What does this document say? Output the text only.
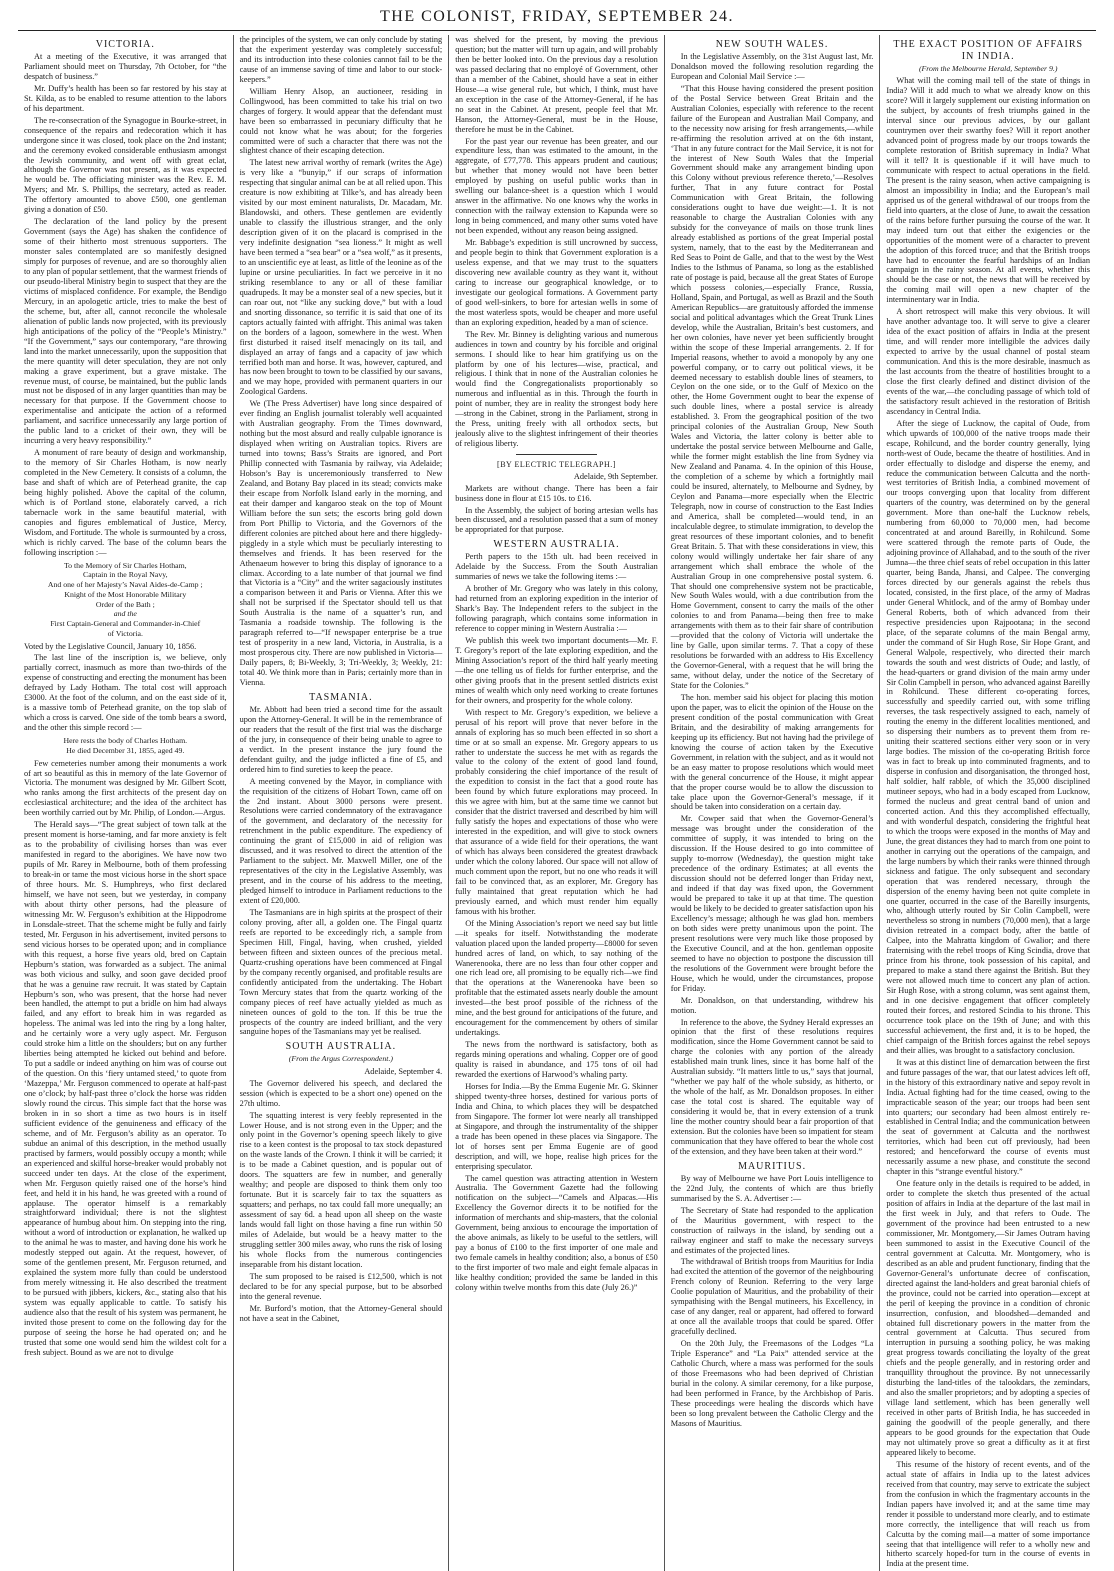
THE COLONIST, FRIDAY, SEPTEMBER 24.
VICTORIA.

At a meeting of the Executive, it was arranged that Parliament should meet on Thursday, 7th October, for “the despatch of business.”

Mr. Duffy’s health has been so far restored by his stay at St. Kilda, as to be enabled to resume attention to the labors of his department.

The re-consecration of the Synagogue in Bourke-street, in consequence of the repairs and redecoration which it has undergone since it was closed, took place on the 2nd instant; and the ceremony evoked considerable enthusiasm amongst the Jewish community, and went off with great eclat, although the Governor was not present, as it was expected he would be. The officiating minister was the Rev. E. M. Myers; and Mr. S. Phillips, the secretary, acted as reader. The offertory amounted to above £500, one gentleman giving a donation of £50.

The declaration of the land policy by the present Government (says the Age) has shaken the confidence of some of their hitherto most strenuous supporters. The monster sales contemplated are so manifestly designed simply for purposes of revenue, and are so thoroughly alien to any plan of popular settlement, that the warmest friends of our pseudo-liberal Ministry begin to suspect that they are the victims of misplaced confidence. For example, the Bendigo Mercury, in an apologetic article, tries to make the best of the scheme, but, after all, cannot reconcile the wholesale alienation of public lands now projected, with its previously high anticipations of the policy of the “People’s Ministry.” “If the Government,” says our contemporary, “are throwing land into the market unnecessarily, upon the supposition that the mere quantity will deter speculation, they are not only making a grave experiment, but a grave mistake. The revenue must, of course, be maintained, but the public lands must not be disposed of in any larger quantities than may be necessary for that purpose. If the Government choose to experimentalise and anticipate the action of a reformed parliament, and sacrifice unnecessarily any large portion of the public land to a cricket of their own, they will be incurring a very heavy responsibility.”

A monument of rare beauty of design and workmanship, to the memory of Sir Charles Hotham, is now nearly completed in the New Cemetery. It consists of a column, the base and shaft of which are of Peterhead granite, the cap being highly polished. Above the capital of the column, which is of Portland stone, elaborately carved, a rich tabernacle work in the same beautiful material, with canopies and figures emblematical of Justice, Mercy, Wisdom, and Fortitude. The whole is surmounted by a cross, which is richly carved. The base of the column bears the following inscription :—

To the Memory of Sir Charles Hotham,
Captain in the Royal Navy,
And one of her Majesty’s Naval Aides-de-Camp ;
Knight of the Most Honorable Military
Order of the Bath ;
and the
First Captain-General and Commander-in-Chief
of Victoria.

Voted by the Legislative Council, January 10, 1856.

The last line of the inscription is, we believe, only partially correct, inasmuch as more than two-thirds of the expense of constructing and erecting the monument has been defrayed by Lady Hotham. The total cost will approach £3000. At the foot of the column, and on the east side of it, is a massive tomb of Peterhead granite, on the top slab of which a cross is carved. One side of the tomb bears a sword, and the other this simple record :—

Here rests the body of Charles Hotham.
He died December 31, 1855, aged 49.

Few cemeteries number among their monuments a work of art so beautiful as this in memory of the late Governor of Victoria. The monument was designed by Mr. Gilbert Scott, who ranks among the first architects of the present day on ecclesiastical architecture; and the idea of the architect has been worthily carried out by Mr. Philip, of London.—Argus.

The Herald says—“The great subject of town talk at the present moment is horse-taming, and far more anxiety is felt as to the probability of civilising horses than was ever manifested in regard to the aborigines. We have now two pupils of Mr. Rarey in Melbourne, both of them professing to break-in or tame the most vicious horse in the short space of three hours. Mr. S. Humphreys, who first declared himself, we have not seen, but we yesterday, in company with about thirty other persons, had the pleasure of witnessing Mr. W. Ferguson’s exhibition at the Hippodrome in Lonsdale-street. That the scheme might be fully and fairly tested, Mr. Ferguson in his advertisement, invited persons to send vicious horses to be operated upon; and in compliance with this request, a horse five years old, bred on Captain Hepburn’s station, was forwarded as a subject. The animal was both vicious and sulky, and soon gave decided proof that he was a genuine raw recruit. It was stated by Captain Hepburn’s son, who was present, that the horse had never been handled, the attempt to put a bridle on him had always failed, and any effort to break him in was regarded as hopeless. The animal was led into the ring by a long halter, and he certainly wore a very ugly aspect. Mr. Ferguson could stroke him a little on the shoulders; but on any further liberties being attempted he kicked out behind and before. To put a saddle or indeed anything on him was of course out of the question. On this ‘fiery untamed steed,’ to quote from ‘Mazeppa,’ Mr. Ferguson commenced to operate at half-past one o’clock; by half-past three o’clock the horse was ridden slowly round the circus. This simple fact that the horse was broken in in so short a time as two hours is in itself sufficient evidence of the genuineness and efficacy of the scheme, and of Mr. Ferguson’s ability as an operator. To subdue an animal of this description, in the method usually practised by farmers, would possibly occupy a month; while an experienced and skilful horse-breaker would probably not succeed under ten days. At the close of the experiment, when Mr. Ferguson quietly raised one of the horse’s hind feet, and held it in his hand, he was greeted with a round of applause. The operator himself is a remarkably straightforward individual; there is not the slightest appearance of humbug about him. On stepping into the ring, without a word of introduction or explanation, he walked up to the animal he was to master, and having done his work he modestly stepped out again. At the request, however, of some of the gentlemen present, Mr. Ferguson returned, and explained the system more fully than could be understood from merely witnessing it. He also described the treatment to be pursued with jibbers, kickers, &c., stating also that his system was equally applicable to cattle. To satisfy his audience also that the result of his system was permanent, he invited those present to come on the following day for the purpose of seeing the horse he had operated on; and he trusted that some one would send him the wildest colt for a fresh subject. Bound as we are not to divulge

the principles of the system, we can only conclude by stating that the experiment yesterday was completely successful; and its introduction into these colonies cannot fail to be the cause of an immense saving of time and labor to our stock-keepers.”

William Henry Alsop, an auctioneer, residing in Collingwood, has been committed to take his trial on two charges of forgery. It would appear that the defendant must have been so embarrassed in pecuniary difficulty that he could not know what he was about; for the forgeries committed were of such a character that there was not the slightest chance of their escaping detection.

The latest new arrival worthy of remark (writes the Age) is very like a “bunyip,” if our scraps of information respecting that singular animal can be at all relied upon. This creature is now exhibiting at Tilke’s, and has already been visited by our most eminent naturalists, Dr. Macadam, Mr. Blandowski, and others. These gentlemen are evidently unable to classify the illustrious stranger, and the only description given of it on the placard is comprised in the very indefinite designation “sea lioness.” It might as well have been termed a “sea bear” or a “sea wolf,” as it presents, to an unscientific eye at least, as little of the leonine as of the lupine or ursine peculiarities. In fact we perceive in it no striking resemblance to any or all of these familiar quadrupeds. It may be a monster seal of a new species, but it can roar out, not “like any sucking dove,” but with a loud and snorting dissonance, so terrific it is said that one of its captors actually fainted with affright. This animal was taken on the borders of a lagoon, somewhere in the west. When first disturbed it raised itself menacingly on its tail, and displayed an array of fangs and a capacity of jaw which terrified both man and horse. It was, however, captured, and has now been brought to town to be classified by our savans, and we may hope, provided with permanent quarters in our Zoological Gardens.

We (The Press Advertiser) have long since despaired of ever finding an English journalist tolerably well acquainted with Australian geography. From the Times downward, nothing but the most absurd and really culpable ignorance is displayed when writing on Australian topics. Rivers are turned into towns; Bass’s Straits are ignored, and Port Phillip connected with Tasmania by railway, via Adelaide; Hobson’s Bay is unceremoniously transferred to New Zealand, and Botany Bay placed in its stead; convicts make their escape from Norfolk Island early in the morning, and eat their damper and kangaroo steak on the top of Mount William before the sun sets; the escorts bring gold down from Port Phillip to Victoria, and the Governors of the different colonies are pitched about here and there higgledy-piggledy in a style which must be peculiarly interesting to themselves and friends. It has been reserved for the Athenaeum however to bring this display of ignorance to a climax. According to a late number of that journal we find that Victoria is a “City” and the writer sagaciously institutes a comparison between it and Paris or Vienna. After this we shall not be surprised if the Spectator should tell us that South Australia is the name of a squatter’s run, and Tasmania a roadside township. The following is the paragraph referred to—“If newspaper enterprise be a true test of prosperity in a new land, Victoria, in Australia, is a most prosperous city. There are now published in Victoria—Daily papers, 8; Bi-Weekly, 3; Tri-Weekly, 3; Weekly, 21: total 40. We think more than in Paris; certainly more than in Vienna.

TASMANIA.

Mr. Abbott had been tried a second time for the assault upon the Attorney-General. It will be in the remembrance of our readers that the result of the first trial was the discharge of the jury, in consequence of their being unable to agree to a verdict. In the present instance the jury found the defendant guilty, and the judge inflicted a fine of £5, and ordered him to find sureties to keep the peace.

A meeting convened by the Mayor, in compliance with the requisition of the citizens of Hobart Town, came off on the 2nd instant. About 3000 persons were present. Resolutions were carried condemnatory of the extravagance of the government, and declaratory of the necessity for retrenchment in the public expenditure. The expediency of continuing the grant of £15,000 in aid of religion was discussed, and it was resolved to direct the attention of the Parliament to the subject. Mr. Maxwell Miller, one of the representatives of the city in the Legislative Assembly, was present, and in the course of his address to the meeting, pledged himself to introduce in Parliament reductions to the extent of £20,000.

The Tasmanians are in high spirits at the prospect of their colony proving, after all, a golden one. The Fingal quartz reefs are reported to be exceedingly rich, a sample from Specimen Hill, Fingal, having, when crushed, yielded between fifteen and sixteen ounces of the precious metal. Quartz-crushing operations have been commenced at Fingal by the company recently organised, and profitable results are confidently anticipated from the undertaking. The Hobart Town Mercury states that from the quartz working of the company pieces of reef have actually yielded as much as nineteen ounces of gold to the ton. If this be true the prospects of the country are indeed brilliant, and the very sanguine hopes of the Tasmanians may yet be realised.

SOUTH AUSTRALIA.
(From the Argus Correspondent.)
Adelaide, September 4.

The Governor delivered his speech, and declared the session (which is expected to be a short one) opened on the 27th ultimo.

The squatting interest is very feebly represented in the Lower House, and is not strong even in the Upper; and the only point in the Governor’s opening speech likely to give rise to a keen contest is the proposal to tax stock depastured on the waste lands of the Crown. I think it will be carried; it is to be made a Cabinet question, and is popular out of doors. The squatters are few in number, and generally wealthy; and people are disposed to think them only too fortunate. But it is scarcely fair to tax the squatters as squatters; and perhaps, no tax could fall more unequally; an assessment of say 6d. a head upon all sheep on the waste lands would fall light on those having a fine run within 50 miles of Adelaide, but would be a heavy matter to the struggling settler 300 miles away, who runs the risk of losing his whole flocks from the numerous contingencies inseparable from his distant location.

The sum proposed to be raised is £12,500, which is not declared to be for any special purpose, but to be absorbed into the general revenue.

Mr. Burford’s motion, that the Attorney-General should not have a seat in the Cabinet,

was shelved for the present, by moving the previous question; but the matter will turn up again, and will probably then be better looked into. On the previous day a resolution was passed declaring that no employé of Government, other than a member of the Cabinet, should have a seat in either House—a wise general rule, but which, I think, must have an exception in the case of the Attorney-General, if he has no seat in the Cabinet. At present, people feel that Mr. Hanson, the Attorney-General, must be in the House, therefore he must be in the Cabinet.

For the past year our revenue has been greater, and our expenditure less, than was estimated to the amount, in the aggregate, of £77,778. This appears prudent and cautious; but whether that money would not have been better employed by pushing on useful public works than in swelling our balance-sheet is a question which I would answer in the affirmative. No one knows why the works in connection with the railway extension to Kapunda were so long in being commenced, and many other sums voted have not been expended, without any reason being assigned.

Mr. Babbage’s expedition is still uncrowned by success, and people begin to think that Government exploration is a useless expense, and that we may trust to the squatters discovering new available country as they want it, without caring to increase our geographical knowledge, or to investigate our geological formations. A Government party of good well-sinkers, to bore for artesian wells in some of the most waterless spots, would be cheaper and more useful than an exploring expedition, headed by a man of science.

The Rev. Mr. Binney is delighting various and numerous audiences in town and country by his forcible and original sermons. I should like to hear him gratifying us on the platform by one of his lectures—wise, practical, and religious. I think that in none of the Australian colonies he would find the Congregationalists proportionably so numerous and influential as in this. Through the fourth in point of number, they are in reality the strongest body here—strong in the Cabinet, strong in the Parliament, strong in the Press, uniting freely with all orthodox sects, but jealously alive to the slightest infringement of their theories of religious liberty.

[BY ELECTRIC TELEGRAPH.]
Adelaide, 9th September.

Markets are without change. There has been a fair business done in flour at £15 10s. to £16.

In the Assembly, the subject of boring artesian wells has been discussed, and a resolution passed that a sum of money be appropriated for that purpose.

WESTERN AUSTRALIA.

Perth papers to the 15th ult. had been received in Adelaide by the Success. From the South Australian summaries of news we take the following items :—

A brother of Mr. Gregory who was lately in this colony, had returned from an exploring expedition in the interior of Shark’s Bay. The Independent refers to the subject in the following paragraph, which contains some information in reference to copper mining in Western Australia :—

We publish this week two important documents—Mr. F. T. Gregory’s report of the late exploring expedition, and the Mining Association’s report of the third half yearly meeting—the one telling us of fields for further enterprise, and the other giving proofs that in the present settled districts exist mines of wealth which only need working to create fortunes for their owners, and prosperity for the whole colony.

With respect to Mr. Gregory’s expedition, we believe a perusal of his report will prove that never before in the annals of exploring has so much been effected in so short a time or at so small an expense. Mr. Gregory appears to us rather to understate the success he met with as regards the value to the colony of the extent of good land found, probably considering the chief importance of the result of the expedition to consist in the fact that a good route has been found by which future explorations may proceed. In this we agree with him, but at the same time we cannot but consider that the district traversed and described by him will fully satisfy the hopes and expectations of those who were interested in the expedition, and will give to stock owners that assurance of a wide field for their operations, the want of which has always been considered the greatest drawback under which the colony labored. Our space will not allow of much comment upon the report, but no one who reads it will fail to be convinced that, as an explorer, Mr. Gregory has fully maintained that great reputation which he had previously earned, and which must render him equally famous with his brother.

Of the Mining Association’s report we need say but little—it speaks for itself. Notwithstanding the moderate valuation placed upon the landed property—£8000 for seven hundred acres of land, on which, to say nothing of the Wanerenooka, there are no less than four other copper and one rich lead ore, all promising to be equally rich—we find that the operations at the Wanerenooka have been so profitable that the estimated assets nearly double the amount invested—the best proof possible of the richness of the mine, and the best ground for anticipations of the future, and encouragement for the commencement by others of similar undertakings.

The news from the northward is satisfactory, both as regards mining operations and whaling. Copper ore of good quality is raised in abundance, and 175 tons of oil had rewarded the exertions of Harwood’s whaling party.

Horses for India.—By the Emma Eugenie Mr. G. Skinner shipped twenty-three horses, destined for various ports of India and China, to which places they will be despatched from Singapore. The former lot were nearly all transhipped at Singapore, and through the instrumentality of the shipper a trade has been opened in these places via Singapore. The lot of horses sent per Emma Eugenie are of good description, and will, we hope, realise high prices for the enterprising speculator.

The camel question was attracting attention in Western Australia. The Government Gazette had the following notification on the subject—“Camels and Alpacas.—His Excellency the Governor directs it to be notified for the information of merchants and ship-masters, that the colonial Government, being anxious to encourage the importation of the above animals, as likely to be useful to the settlers, will pay a bonus of £100 to the first importer of one male and two female camels in healthy condition; also, a bonus of £50 to the first importer of two male and eight female alpacas in like healthy condition; provided the same be landed in this colony within twelve months from this date (July 26.)”

NEW SOUTH WALES.

In the Legislative Assembly, on the 31st August last, Mr. Donaldson moved the following resolution regarding the European and Colonial Mail Service :—

“That this House having considered the present position of the Postal Service between Great Britain and the Australian Colonies, especially with reference to the recent failure of the European and Australian Mail Company, and to the necessity now arising for fresh arrangements,—while re-affirming the resolution arrived at on the 6th instant, ‘That in any future contract for the Mail Service, it is not for the interest of New South Wales that the Imperial Government should make any arrangement binding upon this Colony without previous reference thereto,’—Resolves further, That in any future contract for Postal Communication with Great Britain, the following considerations ought to have due weight:—1. It is not reasonable to charge the Australian Colonies with any subsidy for the conveyance of mails on those trunk lines already established as portions of the great Imperial postal system, namely, that to the east by the Mediterranean and Red Seas to Point de Galle, and that to the west by the West Indies to the Isthmus of Panama, so long as the established rate of postage is paid, because all the great States of Europe which possess colonies,—especially France, Russia, Holland, Spain, and Portugal, as well as Brazil and the South American Republics—are gratuitously afforded the immense social and political advantages which the Great Trunk Lines develop, while the Australian, Britain’s best customers, and her own colonies, have never yet been sufficiently brought within the scope of these Imperial arrangements. 2. If for Imperial reasons, whether to avoid a monopoly by any one powerful company, or to carry out political views, it be deemed necessary to establish double lines of steamers, to Ceylon on the one side, or to the Gulf of Mexico on the other, the Home Government ought to bear the expense of such double lines, where a postal service is already established. 3. From the geographical position of the two principal colonies of the Australian Group, New South Wales and Victoria, the latter colony is better able to undertake the postal service between Melbourne and Galle, while the former might establish the line from Sydney via New Zealand and Panama. 4. In the opinion of this House, the completion of a scheme by which a fortnightly mail could be insured, alternately, to Melbourne and Sydney, by Ceylon and Panama—more especially when the Electric Telegraph, now in course of construction to the East Indies and America, shall be completed—would tend, in an incalculable degree, to stimulate immigration, to develop the great resources of these important colonies, and to benefit Great Britain. 5. That with these considerations in view, this colony would willingly undertake her fair share of any arrangement which shall embrace the whole of the Australian Group in one comprehensive postal system. 6. That should one comprehensive system not be practicable, New South Wales would, with a due contribution from the Home Government, consent to carry the mails of the other colonies to and from Panama—being then free to make arrangements with them as to their fair share of contribution—provided that the colony of Victoria will undertake the line by Galle, upon similar terms. 7. That a copy of these resolutions be forwarded with an address to His Excellency the Governor-General, with a request that he will bring the same, without delay, under the notice of the Secretary of State for the Colonies.”

The hon. member said his object for placing this motion upon the paper, was to elicit the opinion of the House on the present condition of the postal communication with Great Britain, and the desirability of making arrangements for keeping up its efficiency. But not having had the privilege of knowing the course of action taken by the Executive Government, in relation with the subject, and as it would not be an easy matter to propose resolutions which would meet with the general concurrence of the House, it might appear that the proper course would be to allow the discussion to take place upon the Governor-General’s message, if it should be taken into consideration on a certain day.

Mr. Cowper said that when the Governor-General’s message was brought under the consideration of the committee of supply, it was intended to bring on the discussion. If the House desired to go into committee of supply to-morrow (Wednesday), the question might take precedence of the ordinary Estimates; at all events the discussion should not be deferred longer than Friday next, and indeed if that day was fixed upon, the Government would be prepared to take it up at that time. The question would be likely to be decided to greater satisfaction upon his Excellency’s message; although he was glad hon. members on both sides were pretty unanimous upon the point. The present resolutions were very much like those proposed by the Executive Council, and at the hon. gentleman opposite seemed to have no objection to postpone the discussion till the resolutions of the Government were brought before the House, which he would, under the circumstances, propose for Friday.

Mr. Donaldson, on that understanding, withdrew his motion.

In reference to the above, the Sydney Herald expresses an opinion that the first of these resolutions requires modification, since the Home Government cannot be said to charge the colonies with any portion of the already established main trunk lines, since it has borne half of the Australian subsidy. “It matters little to us,” says that journal, “whether we pay half of the whole subsidy, as hitherto, or the whole of the half, as Mr. Donaldson proposes. In either case the total cost is shared. The equitable way of considering it would be, that in every extension of a trunk line the mother country should bear a fair proportion of that extension. But the colonies have been so impatient for steam communication that they have offered to bear the whole cost of the extension, and they have been taken at their word.”

MAURITIUS.

By way of Melbourne we have Port Louis intelligence to the 22nd July, the contents of which are thus briefly summarised by the S. A. Advertiser :—

The Secretary of State had responded to the application of the Mauritius government, with respect to the construction of railways in the island, by sending out a railway engineer and staff to make the necessary surveys and estimates of the projected lines.

The withdrawal of British troops from Mauritius for India had excited the attention of the governor of the neighbouring French colony of Reunion. Referring to the very large Coolie population of Mauritius, and the probability of their sympathising with the Bengal mutineers, his Excellency, in case of any danger, real or apparent, had offered to forward at once all the available troops that could be spared. Offer gracefully declined.

On the 20th July, the Freemasons of the Lodges “La Triple Esperance” and “La Paix” attended service at the Catholic Church, where a mass was performed for the souls of those Freemasons who had been deprived of Christian burial in the colony. A similar ceremony, for a like purpose, had been performed in France, by the Archbishop of Paris. These proceedings were healing the discords which have been so long prevalent between the Catholic Clergy and the Masons of Mauritius.

THE EXACT POSITION OF AFFAIRS IN INDIA.
(From the Melbourne Herald, September 9.)

What will the coming mail tell of the state of things in India? Will it add much to what we already know on this score? Will it largely supplement our existing information on the subject, by accounts of fresh triumphs gained in the interval since our previous advices, by our gallant countrymen over their swarthy foes? Will it report another advanced point of progress made by our troops towards the complete restoration of British supremacy in India? What will it tell? It is questionable if it will have much to communicate with respect to actual operations in the field. The present is the rainy season, when active campaigning is almost an impossibility in India; and the European’s mail apprised us of the general withdrawal of our troops from the field into quarters, at the close of June, to await the cessation of the rains before further pursuing the course of the war. It may indeed turn out that either the exigencies or the opportunities of the moment were of a character to prevent the adoption of this forced truce; and that the British troops have had to encounter the fearful hardships of an Indian campaign in the rainy season. At all events, whether this should be the case or not, the news that will be received by the coming mail will open a new chapter of the interminentary war in India.

A short retrospect will make this very obvious. It will have another advantage too. It will serve to give a clearer idea of the exact position of affairs in India at the present time, and will render more intelligible the advices daily expected to arrive by the usual channel of postal steam communication. And this is the more desirable, inasmuch as the last accounts from the theatre of hostilities brought to a close the first clearly defined and distinct division of the events of the war,—the concluding passage of which told of the satisfactory result achieved in the restoration of British ascendancy in Central India.

After the siege of Lucknow, the capital of Oude, from which upwards of 100,000 of the native troops made their escape, Rohilcund, and the border country generally, lying north-west of Oude, became the theatre of hostilities. And in order effectually to dislodge and disperse the enemy, and reduce the communication between Calcutta and the north-west territories of British India, a combined movement of our troops converging upon that locality from different quarters of the country, was determined on by the general government. More than one-half the Lucknow rebels, numbering from 60,000 to 70,000 men, had become concentrated at and around Bareilly, in Rohilcund. Some were scattered through the remote parts of Oude, the adjoining province of Allahabad, and to the south of the river Jumna—the three chief seats of rebel occupation in this latter quarter, being Banda, Jhansi, and Calpee. The converging forces directed by our generals against the rebels thus located, consisted, in the first place, of the army of Madras under General Whitlock, and of the army of Bombay under General Roberts, both of which advanced from their respective presidencies upon Rajpootana; in the second place, of the separate columns of the main Bengal army, under the command of Sir Hugh Rose, Sir Hope Grant, and General Walpole, respectively, who directed their march towards the south and west districts of Oude; and lastly, of the head-quarters or grand division of the main army under Sir Colin Campbell in person, who advanced against Bareilly in Rohilcund. These different co-operating forces, successfully and speedily carried out, with some trifling reverses, the task respectively assigned to each, namely of routing the enemy in the different localities mentioned, and so dispersing their numbers as to prevent them from re-uniting their scattered sections either very soon or in very large bodies. The mission of the co-operating British force was in fact to break up into comminuted fragments, and to disperse in confusion and disorganisation, the thronged host, half soldier, half rabble, of which the 35,000 disciplined mutineer sepoys, who had in a body escaped from Lucknow, formed the nucleus and great central band of union and concerted action. And this they accomplished effectually, and with wonderful despatch, considering the frightful heat to which the troops were exposed in the months of May and June, the great distances they had to march from one point to another in carrying out the operations of the campaign, and the large numbers by which their ranks were thinned through sickness and fatigue. The only subsequent and secondary operation that was rendered necessary, through the dispersion of the enemy having been not quite complete in one quarter, occurred in the case of the Bareilly insurgents, who, although utterly routed by Sir Colin Campbell, were nevertheless so strong in numbers (70,000 men), that a large division retreated in a compact body, after the battle of Calpee, into the Mahratta kingdom of Gwalior; and there fraternising with the rebel troops of King Scindia, drove that prince from his throne, took possession of his capital, and prepared to make a stand there against the British. But they were not allowed much time to concert any plan of action. Sir Hugh Rose, with a strong column, was sent against them, and in one decisive engagement that officer completely routed their forces, and restored Scindia to his throne. This occurrence took place on the 19th of June; and with this successful achievement, the first and, it is to be hoped, the chief campaign of the British forces against the rebel sepoys and their allies, was brought to a satisfactory conclusion.

It was at this distinct line of demarcation between the first and future passages of the war, that our latest advices left off, in the history of this extraordinary native and sepoy revolt in India. Actual fighting had for the time ceased, owing to the impracticable season of the year; our troops had been sent into quarters; our secondary had been almost entirely re-established in Central India; and the communication between the seat of government at Calcutta and the northwest territories, which had been cut off previously, had been restored; and henceforward the course of events must necessarily assume a new phase, and constitute the second chapter in this “strange eventful history.”

One feature only in the details is required to be added, in order to complete the sketch thus presented of the actual position of affairs in India at the departure of the last mail in the first week in July, and that refers to Oude. The government of the province had been entrusted to a new commissioner, Mr. Montgomery,—Sir James Outram having been summoned to assist in the Executive Council of the central government at Calcutta. Mr. Montgomery, who is described as an able and prudent functionary, finding that the Governor-General’s unfortunate decree of confiscation, directed against the land-holders and great baronial chiefs of the province, could not be carried into operation—except at the peril of keeping the province in a condition of chronic insurrection, confusion, and bloodshed—demanded and obtained full discretionary powers in the matter from the central government at Calcutta. Thus secured from interruption in pursuing a soothing policy, he was making great progress towards conciliating the loyalty of the great chiefs and the people generally, and in restoring order and tranquillity throughout the province. By not unnecessarily disturbing the land-titles of the talookdars, the zemindars, and also the smaller proprietors; and by adopting a species of village land settlement, which has been generally well received in other parts of British India, he has succeeded in gaining the goodwill of the people generally, and there appears to be good grounds for the expectation that Oude may not ultimately prove so great a difficulty as it at first appeared likely to become.

This resume of the history of recent events, and of the actual state of affairs in India up to the latest advices received from that country, may serve to extricate the subject from the confusion in which the fragmentary accounts in the Indian papers have involved it; and at the same time may render it possible to understand more clearly, and to estimate more correctly, the intelligence that will reach us from Calcutta by the coming mail—a matter of some importance seeing that that intelligence will refer to a wholly new and hitherto scarcely hoped-for turn in the course of events in India at the present time.
